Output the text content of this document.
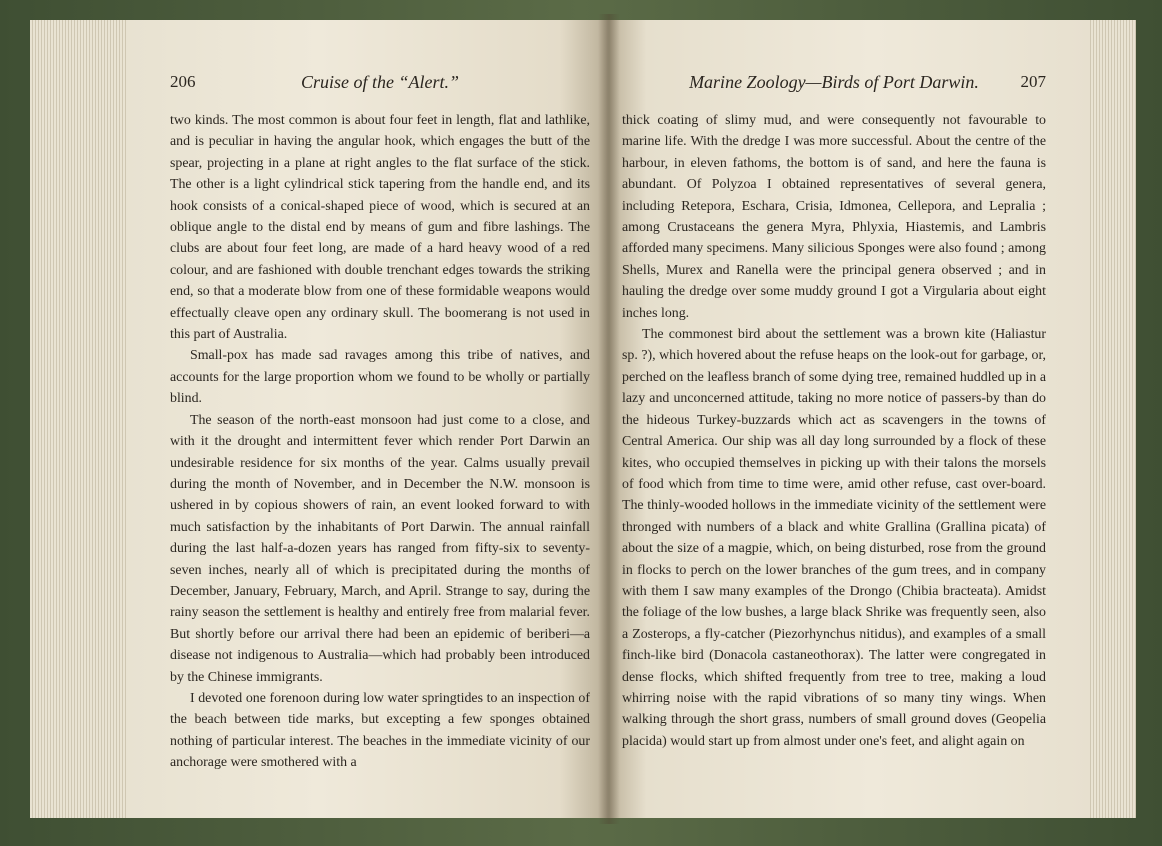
206	Cruise of the “Alert.”

two kinds. The most common is about four feet in length, flat and lathlike, and is peculiar in having the angular hook, which engages the butt of the spear, projecting in a plane at right angles to the flat surface of the stick. The other is a light cylindrical stick tapering from the handle end, and its hook consists of a conical-shaped piece of wood, which is secured at an oblique angle to the distal end by means of gum and fibre lashings. The clubs are about four feet long, are made of a hard heavy wood of a red colour, and are fashioned with double trenchant edges towards the striking end, so that a moderate blow from one of these formidable weapons would effectually cleave open any ordinary skull. The boomerang is not used in this part of Australia.

Small-pox has made sad ravages among this tribe of natives, and accounts for the large proportion whom we found to be wholly or partially blind.

The season of the north-east monsoon had just come to a close, and with it the drought and intermittent fever which render Port Darwin an undesirable residence for six months of the year. Calms usually prevail during the month of November, and in December the N.W. monsoon is ushered in by copious showers of rain, an event looked forward to with much satisfaction by the inhabitants of Port Darwin. The annual rainfall during the last half-a-dozen years has ranged from fifty-six to seventy-seven inches, nearly all of which is precipitated during the months of December, January, February, March, and April. Strange to say, during the rainy season the settlement is healthy and entirely free from malarial fever. But shortly before our arrival there had been an epidemic of beriberi—a disease not indigenous to Australia—which had probably been introduced by the Chinese immigrants.

I devoted one forenoon during low water springtides to an inspection of the beach between tide marks, but excepting a few sponges obtained nothing of particular interest. The beaches in the immediate vicinity of our anchorage were smothered with a

Marine Zoology—Birds of Port Darwin.	207

thick coating of slimy mud, and were consequently not favourable to marine life. With the dredge I was more successful. About the centre of the harbour, in eleven fathoms, the bottom is of sand, and here the fauna is abundant. Of Polyzoa I obtained representatives of several genera, including Retepora, Eschara, Crisia, Idmonea, Cellepora, and Lepralia ; among Crustaceans the genera Myra, Phlyxia, Hiastemis, and Lambris afforded many specimens. Many silicious Sponges were also found ; among Shells, Murex and Ranella were the principal genera observed ; and in hauling the dredge over some muddy ground I got a Virgularia about eight inches long.

The commonest bird about the settlement was a brown kite (Haliastur sp. ?), which hovered about the refuse heaps on the look-out for garbage, or, perched on the leafless branch of some dying tree, remained huddled up in a lazy and unconcerned attitude, taking no more notice of passers-by than do the hideous Turkey-buzzards which act as scavengers in the towns of Central America. Our ship was all day long surrounded by a flock of these kites, who occupied themselves in picking up with their talons the morsels of food which from time to time were, amid other refuse, cast over-board. The thinly-wooded hollows in the immediate vicinity of the settlement were thronged with numbers of a black and white Grallina (Grallina picata) of about the size of a magpie, which, on being disturbed, rose from the ground in flocks to perch on the lower branches of the gum trees, and in company with them I saw many examples of the Drongo (Chibia bracteata). Amidst the foliage of the low bushes, a large black Shrike was frequently seen, also a Zosterops, a fly-catcher (Piezorhynchus nitidus), and examples of a small finch-like bird (Donacola castaneothorax). The latter were congregated in dense flocks, which shifted frequently from tree to tree, making a loud whirring noise with the rapid vibrations of so many tiny wings. When walking through the short grass, numbers of small ground doves (Geopelia placida) would start up from almost under one's feet, and alight again on
